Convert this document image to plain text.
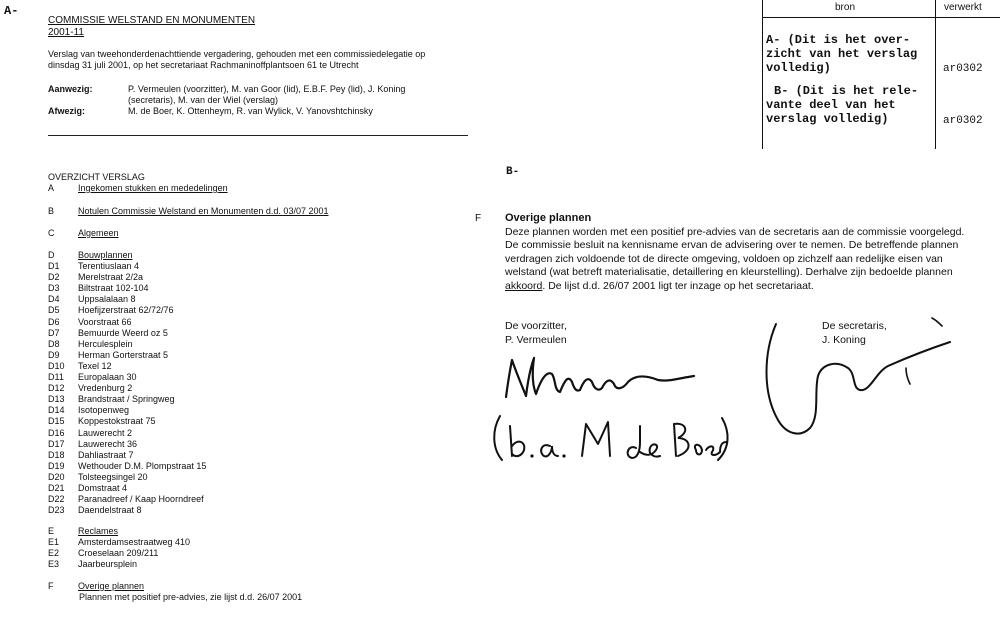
A-
COMMISSIE WELSTAND EN MONUMENTEN
2001-11
Verslag van tweehonderdenachttiende vergadering, gehouden met een commissiedelegatie op
dinsdag 31 juli 2001, op het secretariaat Rachmaninoffplantsoen 61 te Utrecht
Aanwezig:	P. Vermeulen (voorzitter), M. van Goor (lid), E.B.F. Pey (lid), J. Koning
(secretaris), M. van der Wiel (verslag)
Afwezig:	M. de Boer, K. Ottenheym, R. van Wylick, V. Yanovshtchinsky
bron	verwerkt
A- (Dit is het over-
zicht van het verslag
volledig)	ar0302
B- (Dit is het rele-
vante deel van het
verslag volledig)	ar0302
OVERZICHT VERSLAG
A	Ingekomen stukken en mededelingen
B	Notulen Commissie Welstand en Monumenten d.d. 03/07 2001
C	Algemeen
D	Bouwplannen
D1 Terentiuslaan 4
D2 Merelstraat 2/2a
D3 Biltstraat 102-104
D4 Uppsalalaan 8
D5 Hoefijzerstraat 62/72/76
D6 Voorstraat 66
D7 Bemuurde Weerd oz 5
D8 Herculesplein
D9 Herman Gorterstraat 5
D10 Texel 12
D11 Europalaan 30
D12 Vredenburg 2
D13 Brandstraat / Springweg
D14 Isotopenweg
D15 Koppestokstraat 75
D16 Lauwerecht 2
D17 Lauwerecht 36
D18 Dahliastraat 7
D19 Wethouder D.M. Plompstraat 15
D20 Tolsteegsingel 20
D21 Domstraat 4
D22 Paranadreef / Kaap Hoorndreef
D23 Daendelstraat 8
E	Reclames
E1 Amsterdamsestraatweg 410
E2 Croeselaan 209/211
E3 Jaarbeursplein
F	Overige plannen
Plannen met positief pre-advies, zie lijst d.d. 26/07 2001
B-
F Overige plannen
Deze plannen worden met een positief pre-advies van de secretaris aan de commissie voorgelegd. De commissie besluit na kennisname ervan de advisering over te nemen. De betreffende plannen verdragen zich voldoende tot de directe omgeving, voldoen op zichzelf aan redelijke eisen van welstand (wat betreft materialisatie, detaillering en kleurstelling). Derhalve zijn bedoelde plannen akkoord. De lijst d.d. 26/07 2001 ligt ter inzage op het secretariaat.
De voorzitter,
P. Vermeulen
De secretaris,
J. Koning
